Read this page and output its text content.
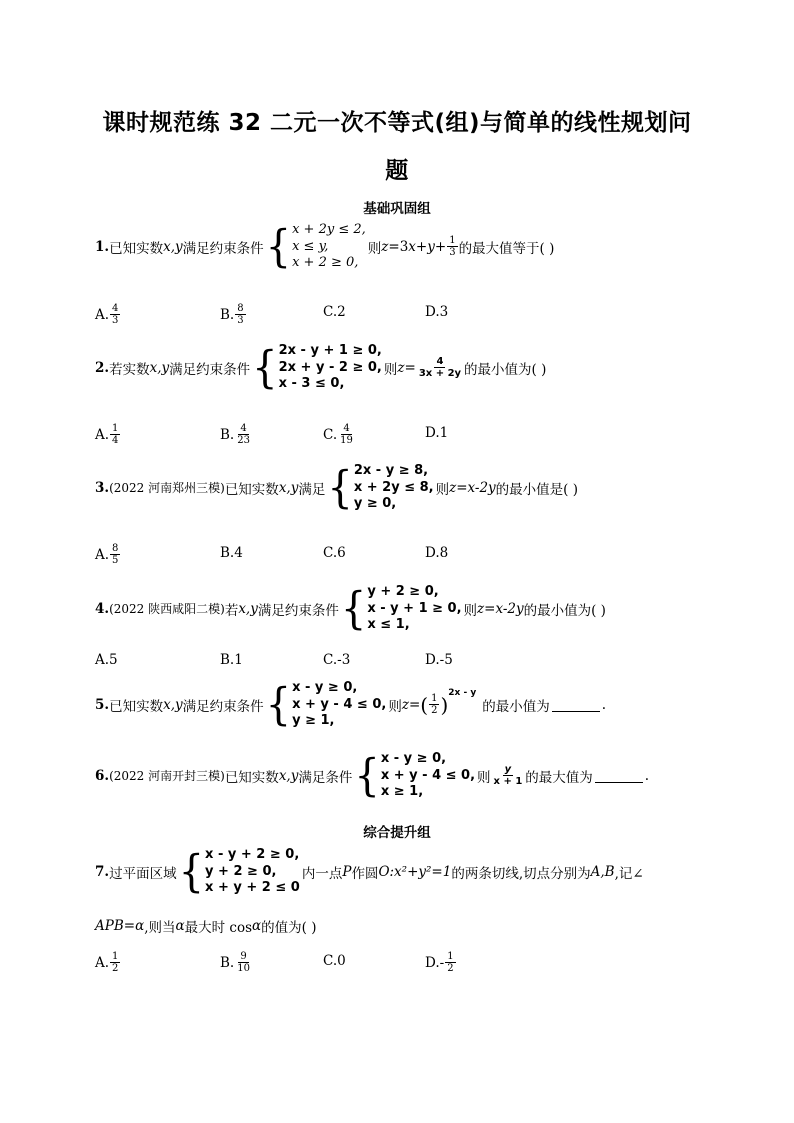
课时规范练 32 二元一次不等式(组)与简单的线性规划问
题
基础巩固组
1. 已知实数 x,y 满足约束条件 { x + 2y ≤ 2,
x ≤ y,
x + 2 ≥ 0,
则 z =3 $x + y + \frac{1}{3}$ 的最大值等于( )
A. $\frac{4}{3}$	B. $\frac{8}{3}$	C. 2	D. 3
2. 若实数 x,y 满足约束条件 { 2x - y + 1 ≥ 0,
2x + y - 2 ≥ 0,
x - 3 ≤ 0,
则 $z = \frac{4}{3x + 2y}$ 的最小值为( )
A. $\frac{1}{4}$	B. $\frac{4}{23}$	C. $\frac{4}{19}$	D. 1
3. (2022 河南郑州三模) 已知实数 x,y 满足 { 2x - y ≥ 8,
x + 2y ≤ 8,
y ≥ 0,
则 z=x-2y 的最小值是( )
A. $\frac{8}{5}$	B. 4	C. 6	D. 8
4. (2022 陕西咸阳二模) 若 x,y 满足约束条件 { y + 2 ≥ 0,
x - y + 1 ≥ 0,
x ≤ 1,
则 z=x-2y 的最小值为( )
A. 5	B. 1	C. -3	D. -5
5. 已知实数 x,y 满足约束条件 { x - y ≥ 0,
x + y - 4 ≤ 0,
y ≥ 1,
则 z = ( $\frac{1}{2}$ ) 2x - y
的最小值为	.
6. (2022 河南开封三模) 已知实数 x,y 满足条件 { x - y ≥ 0,
x + y - 4 ≤ 0,
x ≥ 1,
则 $\frac{y}{x + 1}$ 的最大值为	.
综合提升组
7. 过平面区域 { x - y + 2 ≥ 0,
y + 2 ≥ 0,
x + y + 2 ≤ 0
内一点 P 作圆 O:x²+y²=1 的两条切线,切点分别为 A,B ,记∠
APB=α ,则当 α 最大时 cos α 的值为( )
A. $\frac{1}{2}$	B. $\frac{9}{10}$	C. 0	D. - $\frac{1}{2}$
